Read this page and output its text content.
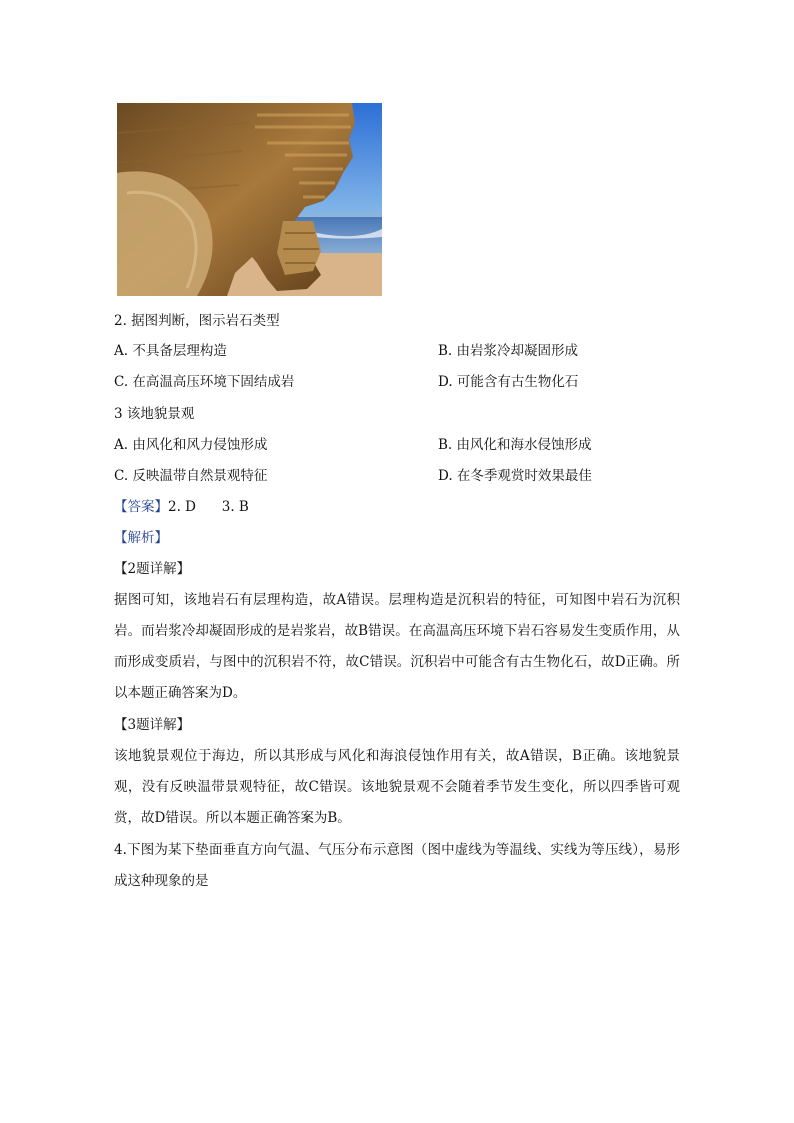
2. 据图判断，图示岩石类型
A. 不具备层理构造	B. 由岩浆冷却凝固形成
C. 在高温高压环境下固结成岩	D. 可能含有古生物化石
3 该地貌景观
A. 由风化和风力侵蚀形成	B. 由风化和海水侵蚀形成
C. 反映温带自然景观特征	D. 在冬季观赏时效果最佳
【答案】2. D      3. B
【解析】
【2题详解】
据图可知，该地岩石有层理构造，故A错误。层理构造是沉积岩的特征，可知图中岩石为沉积岩。而岩浆冷却凝固形成的是岩浆岩，故B错误。在高温高压环境下岩石容易发生变质作用，从而形成变质岩，与图中的沉积岩不符，故C错误。沉积岩中可能含有古生物化石，故D正确。所以本题正确答案为D。
【3题详解】
该地貌景观位于海边，所以其形成与风化和海浪侵蚀作用有关，故A错误，B正确。该地貌景观，没有反映温带景观特征，故C错误。该地貌景观不会随着季节发生变化，所以四季皆可观赏，故D错误。所以本题正确答案为B。
4.下图为某下垫面垂直方向气温、气压分布示意图（图中虚线为等温线、实线为等压线），易形成这种现象的是
